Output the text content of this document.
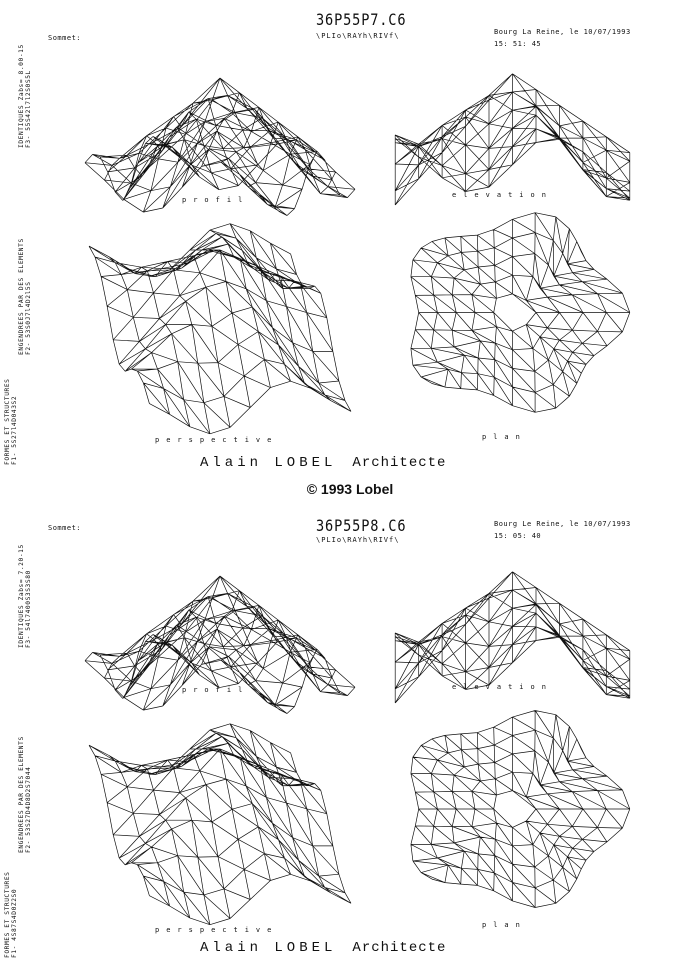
FORMES ET STRUCTURES F1- 5S27l4D043S2
ENGENDREES PAR DES ELEMENTS F2- 53S0J7l4D2l5S
IDENTIQUES Zabs= 8.00-15 F3- 55S42l7l2S0S5L
Sommet:
36P55P7.C6
\PLIo\RAYh\RIVf\	Bourg La Reine, le 10/07/1993
15: 51: 45
profil
elevation
perspective	plan
Alain LOBEL Architecte
© 1993 Lobel
FORMES ET STRUCTURES F1- 4S87S4D0Z2S0
ENGENDREES PAR DES ELEMENTS F2- 53S27D4D8D2S7044
IDENTIQUES Zabs= 7.20-15 F3- 54l7400S3S3S80
Sommet:	36P55P8.C6
\PLIo\RAYh\RIVf\
Bourg Le Reine, le 10/07/1993
15: 05: 40
profil	elevation
perspective
plan
Alain LOBEL Architecte
